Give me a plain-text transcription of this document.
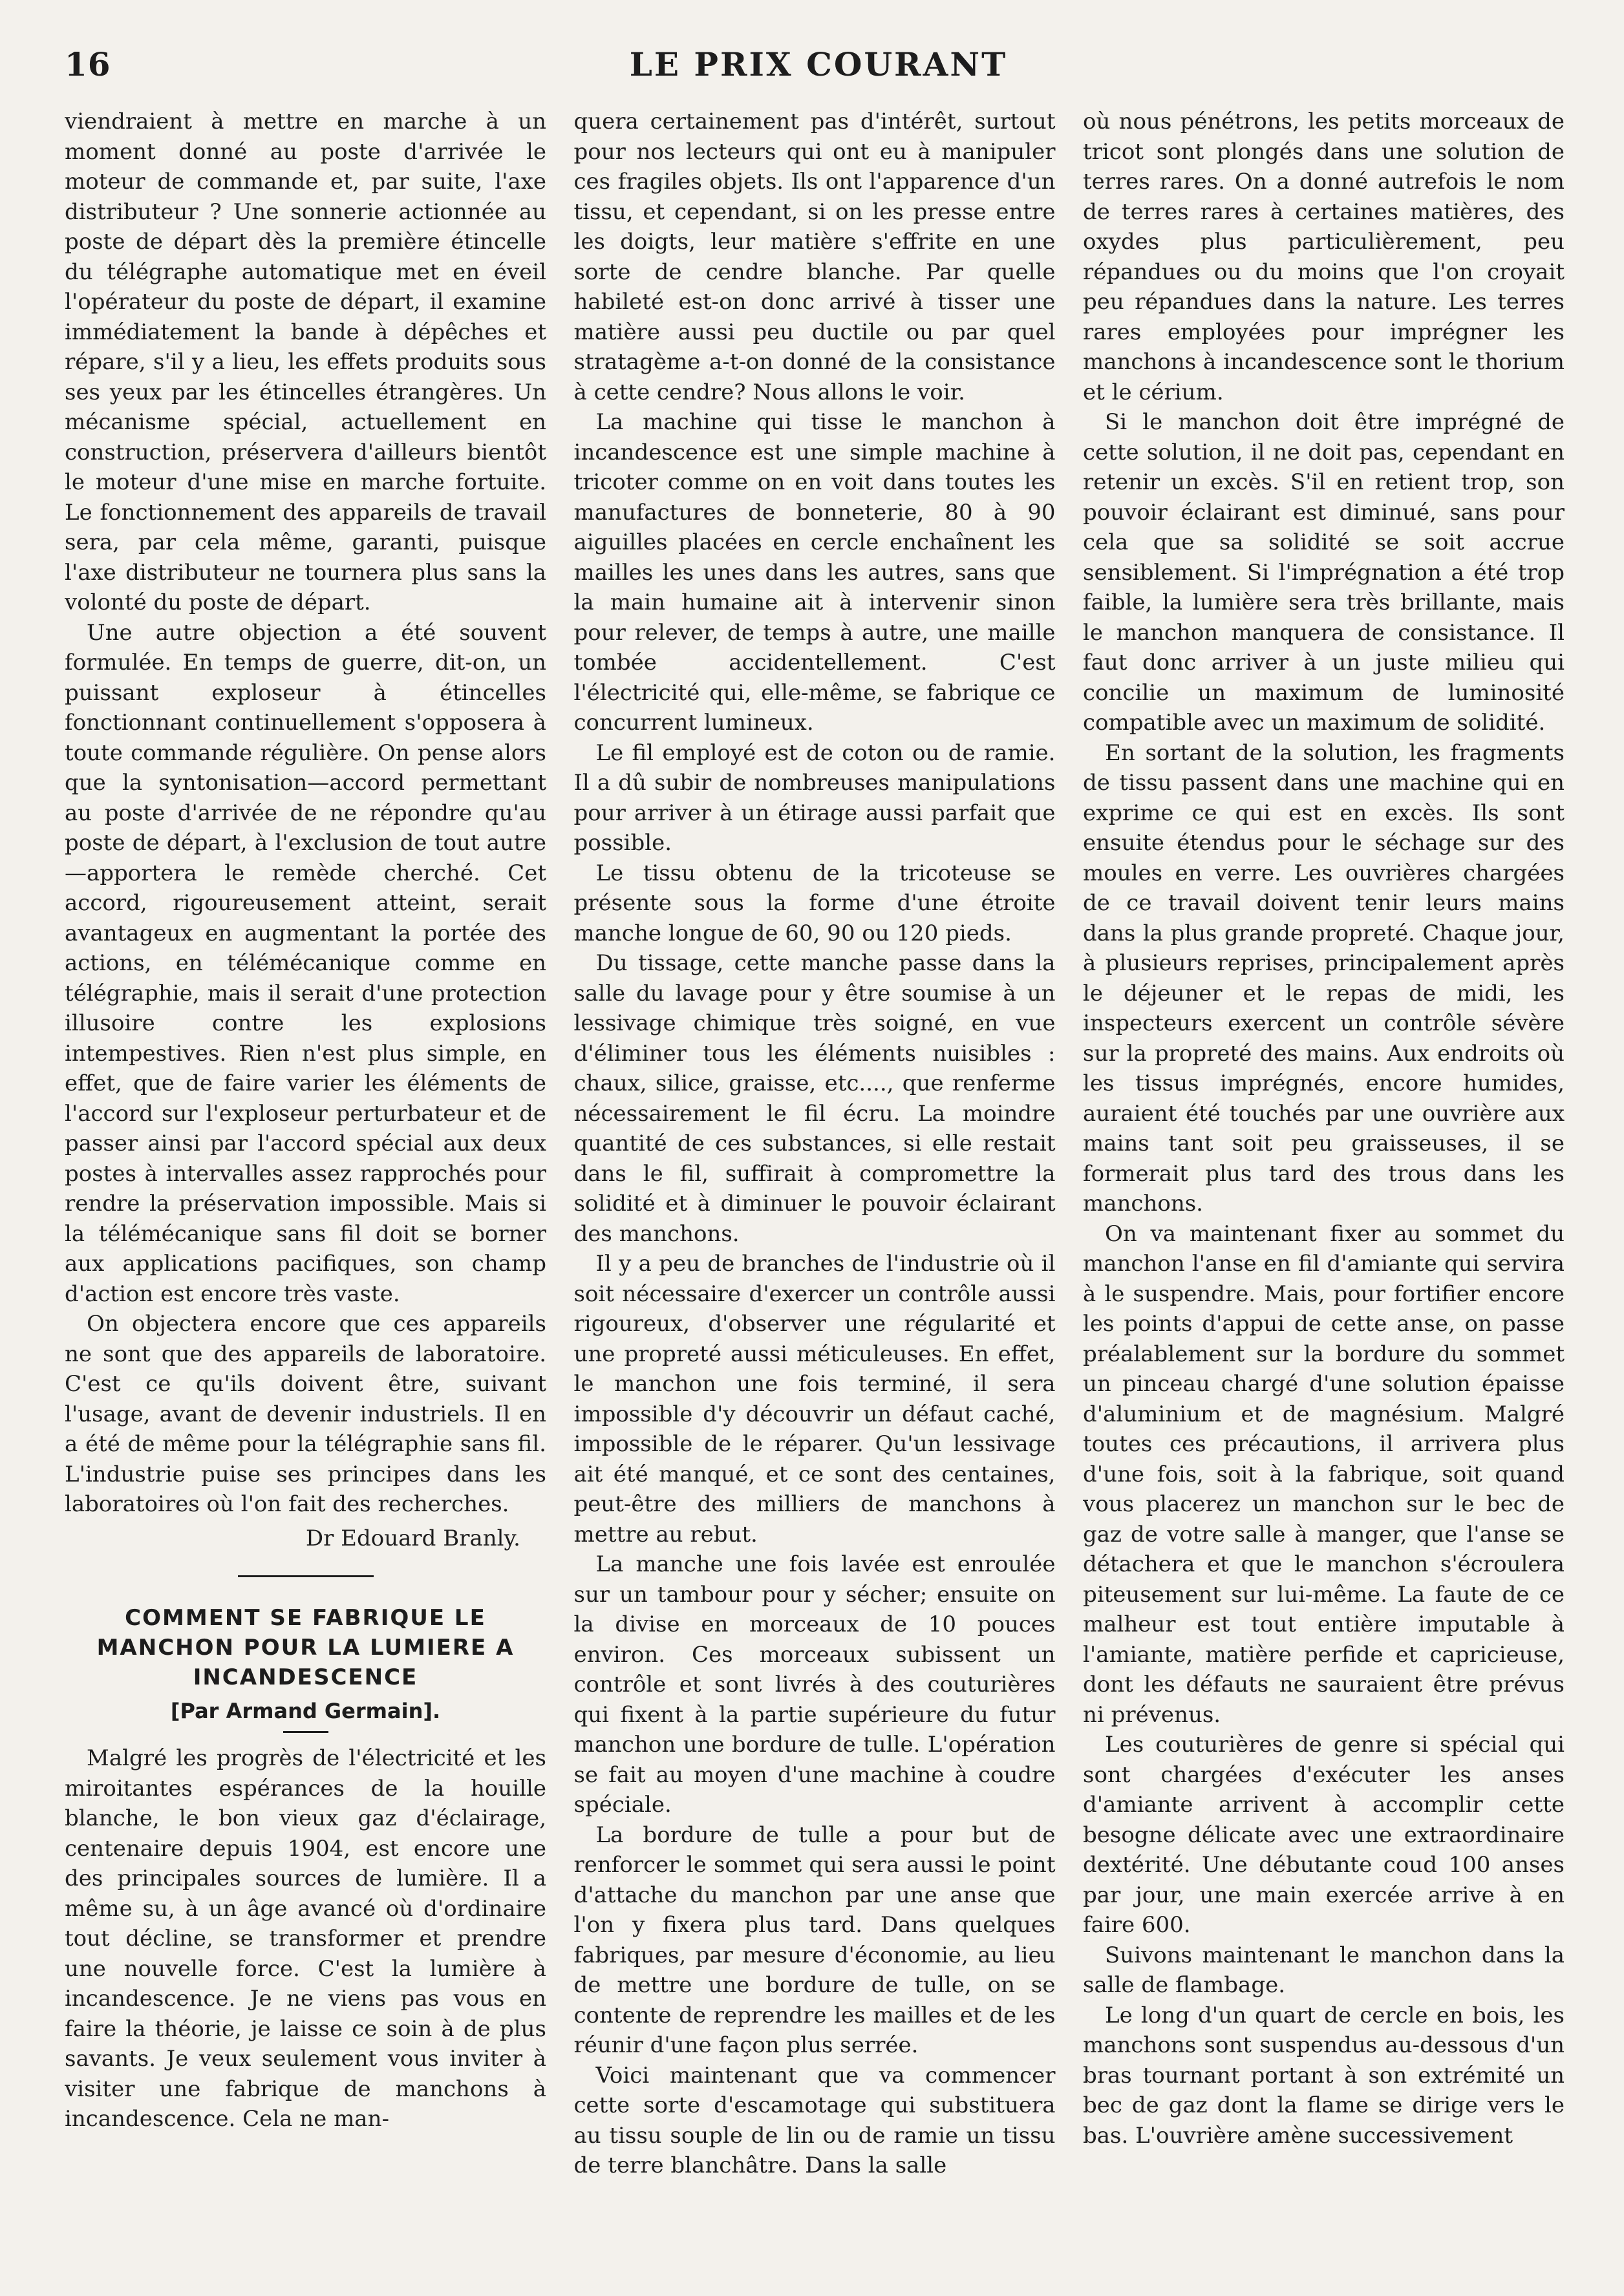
16	LE PRIX COURANT

viendraient à mettre en marche à un moment donné au poste d'arrivée le moteur de commande et, par suite, l'axe distributeur ? Une sonnerie actionnée au poste de départ dès la première étincelle du télégraphe automatique met en éveil l'opérateur du poste de départ, il examine immédiatement la bande à dépêches et répare, s'il y a lieu, les effets produits sous ses yeux par les étincelles étrangères. Un mécanisme spécial, actuellement en construction, préservera d'ailleurs bientôt le moteur d'une mise en marche fortuite. Le fonctionnement des appareils de travail sera, par cela même, garanti, puisque l'axe distributeur ne tournera plus sans la volonté du poste de départ.

Une autre objection a été souvent formulée. En temps de guerre, dit-on, un puissant exploseur à étincelles fonctionnant continuellement s'opposera à toute commande régulière. On pense alors que la syntonisation—accord permettant au poste d'arrivée de ne répondre qu'au poste de départ, à l'exclusion de tout autre—apportera le remède cherché. Cet accord, rigoureusement atteint, serait avantageux en augmentant la portée des actions, en télémécanique comme en télégraphie, mais il serait d'une protection illusoire contre les explosions intempestives. Rien n'est plus simple, en effet, que de faire varier les éléments de l'accord sur l'exploseur perturbateur et de passer ainsi par l'accord spécial aux deux postes à intervalles assez rapprochés pour rendre la préservation impossible. Mais si la télémécanique sans fil doit se borner aux applications pacifiques, son champ d'action est encore très vaste.

On objectera encore que ces appareils ne sont que des appareils de laboratoire. C'est ce qu'ils doivent être, suivant l'usage, avant de devenir industriels. Il en a été de même pour la télégraphie sans fil. L'industrie puise ses principes dans les laboratoires où l'on fait des recherches.

Dr Edouard Branly.
COMMENT SE FABRIQUE LE MANCHON POUR LA LUMIERE A INCANDESCENCE
[Par Armand Germain].

Malgré les progrès de l'électricité et les miroitantes espérances de la houille blanche, le bon vieux gaz d'éclairage, centenaire depuis 1904, est encore une des principales sources de lumière. Il a même su, à un âge avancé où d'ordinaire tout décline, se transformer et prendre une nouvelle force. C'est la lumière à incandescence. Je ne viens pas vous en faire la théorie, je laisse ce soin à de plus savants. Je veux seulement vous inviter à visiter une fabrique de manchons à incandescence. Cela ne man-

quera certainement pas d'intérêt, surtout pour nos lecteurs qui ont eu à manipuler ces fragiles objets. Ils ont l'apparence d'un tissu, et cependant, si on les presse entre les doigts, leur matière s'effrite en une sorte de cendre blanche. Par quelle habileté est-on donc arrivé à tisser une matière aussi peu ductile ou par quel stratagème a-t-on donné de la consistance à cette cendre? Nous allons le voir.

La machine qui tisse le manchon à incandescence est une simple machine à tricoter comme on en voit dans toutes les manufactures de bonneterie, 80 à 90 aiguilles placées en cercle enchaînent les mailles les unes dans les autres, sans que la main humaine ait à intervenir sinon pour relever, de temps à autre, une maille tombée accidentellement. C'est l'électricité qui, elle-même, se fabrique ce concurrent lumineux.

Le fil employé est de coton ou de ramie. Il a dû subir de nombreuses manipulations pour arriver à un étirage aussi parfait que possible.

Le tissu obtenu de la tricoteuse se présente sous la forme d'une étroite manche longue de 60, 90 ou 120 pieds.

Du tissage, cette manche passe dans la salle du lavage pour y être soumise à un lessivage chimique très soigné, en vue d'éliminer tous les éléments nuisibles : chaux, silice, graisse, etc...., que renferme nécessairement le fil écru. La moindre quantité de ces substances, si elle restait dans le fil, suffirait à compromettre la solidité et à diminuer le pouvoir éclairant des manchons.

Il y a peu de branches de l'industrie où il soit nécessaire d'exercer un contrôle aussi rigoureux, d'observer une régularité et une propreté aussi méticuleuses. En effet, le manchon une fois terminé, il sera impossible d'y découvrir un défaut caché, impossible de le réparer. Qu'un lessivage ait été manqué, et ce sont des centaines, peut-être des milliers de manchons à mettre au rebut.

La manche une fois lavée est enroulée sur un tambour pour y sécher; ensuite on la divise en morceaux de 10 pouces environ. Ces morceaux subissent un contrôle et sont livrés à des couturières qui fixent à la partie supérieure du futur manchon une bordure de tulle. L'opération se fait au moyen d'une machine à coudre spéciale.

La bordure de tulle a pour but de renforcer le sommet qui sera aussi le point d'attache du manchon par une anse que l'on y fixera plus tard. Dans quelques fabriques, par mesure d'économie, au lieu de mettre une bordure de tulle, on se contente de reprendre les mailles et de les réunir d'une façon plus serrée.

Voici maintenant que va commencer cette sorte d'escamotage qui substituera au tissu souple de lin ou de ramie un tissu de terre blanchâtre. Dans la salle

où nous pénétrons, les petits morceaux de tricot sont plongés dans une solution de terres rares. On a donné autrefois le nom de terres rares à certaines matières, des oxydes plus particulièrement, peu répandues ou du moins que l'on croyait peu répandues dans la nature. Les terres rares employées pour imprégner les manchons à incandescence sont le thorium et le cérium.

Si le manchon doit être imprégné de cette solution, il ne doit pas, cependant en retenir un excès. S'il en retient trop, son pouvoir éclairant est diminué, sans pour cela que sa solidité se soit accrue sensiblement. Si l'imprégnation a été trop faible, la lumière sera très brillante, mais le manchon manquera de consistance. Il faut donc arriver à un juste milieu qui concilie un maximum de luminosité compatible avec un maximum de solidité.

En sortant de la solution, les fragments de tissu passent dans une machine qui en exprime ce qui est en excès. Ils sont ensuite étendus pour le séchage sur des moules en verre. Les ouvrières chargées de ce travail doivent tenir leurs mains dans la plus grande propreté. Chaque jour, à plusieurs reprises, principalement après le déjeuner et le repas de midi, les inspecteurs exercent un contrôle sévère sur la propreté des mains. Aux endroits où les tissus imprégnés, encore humides, auraient été touchés par une ouvrière aux mains tant soit peu graisseuses, il se formerait plus tard des trous dans les manchons.

On va maintenant fixer au sommet du manchon l'anse en fil d'amiante qui servira à le suspendre. Mais, pour fortifier encore les points d'appui de cette anse, on passe préalablement sur la bordure du sommet un pinceau chargé d'une solution épaisse d'aluminium et de magnésium. Malgré toutes ces précautions, il arrivera plus d'une fois, soit à la fabrique, soit quand vous placerez un manchon sur le bec de gaz de votre salle à manger, que l'anse se détachera et que le manchon s'écroulera piteusement sur lui-même. La faute de ce malheur est tout entière imputable à l'amiante, matière perfide et capricieuse, dont les défauts ne sauraient être prévus ni prévenus.

Les couturières de genre si spécial qui sont chargées d'exécuter les anses d'amiante arrivent à accomplir cette besogne délicate avec une extraordinaire dextérité. Une débutante coud 100 anses par jour, une main exercée arrive à en faire 600.

Suivons maintenant le manchon dans la salle de flambage.

Le long d'un quart de cercle en bois, les manchons sont suspendus au-dessous d'un bras tournant portant à son extrémité un bec de gaz dont la flame se dirige vers le bas. L'ouvrière amène successivement
